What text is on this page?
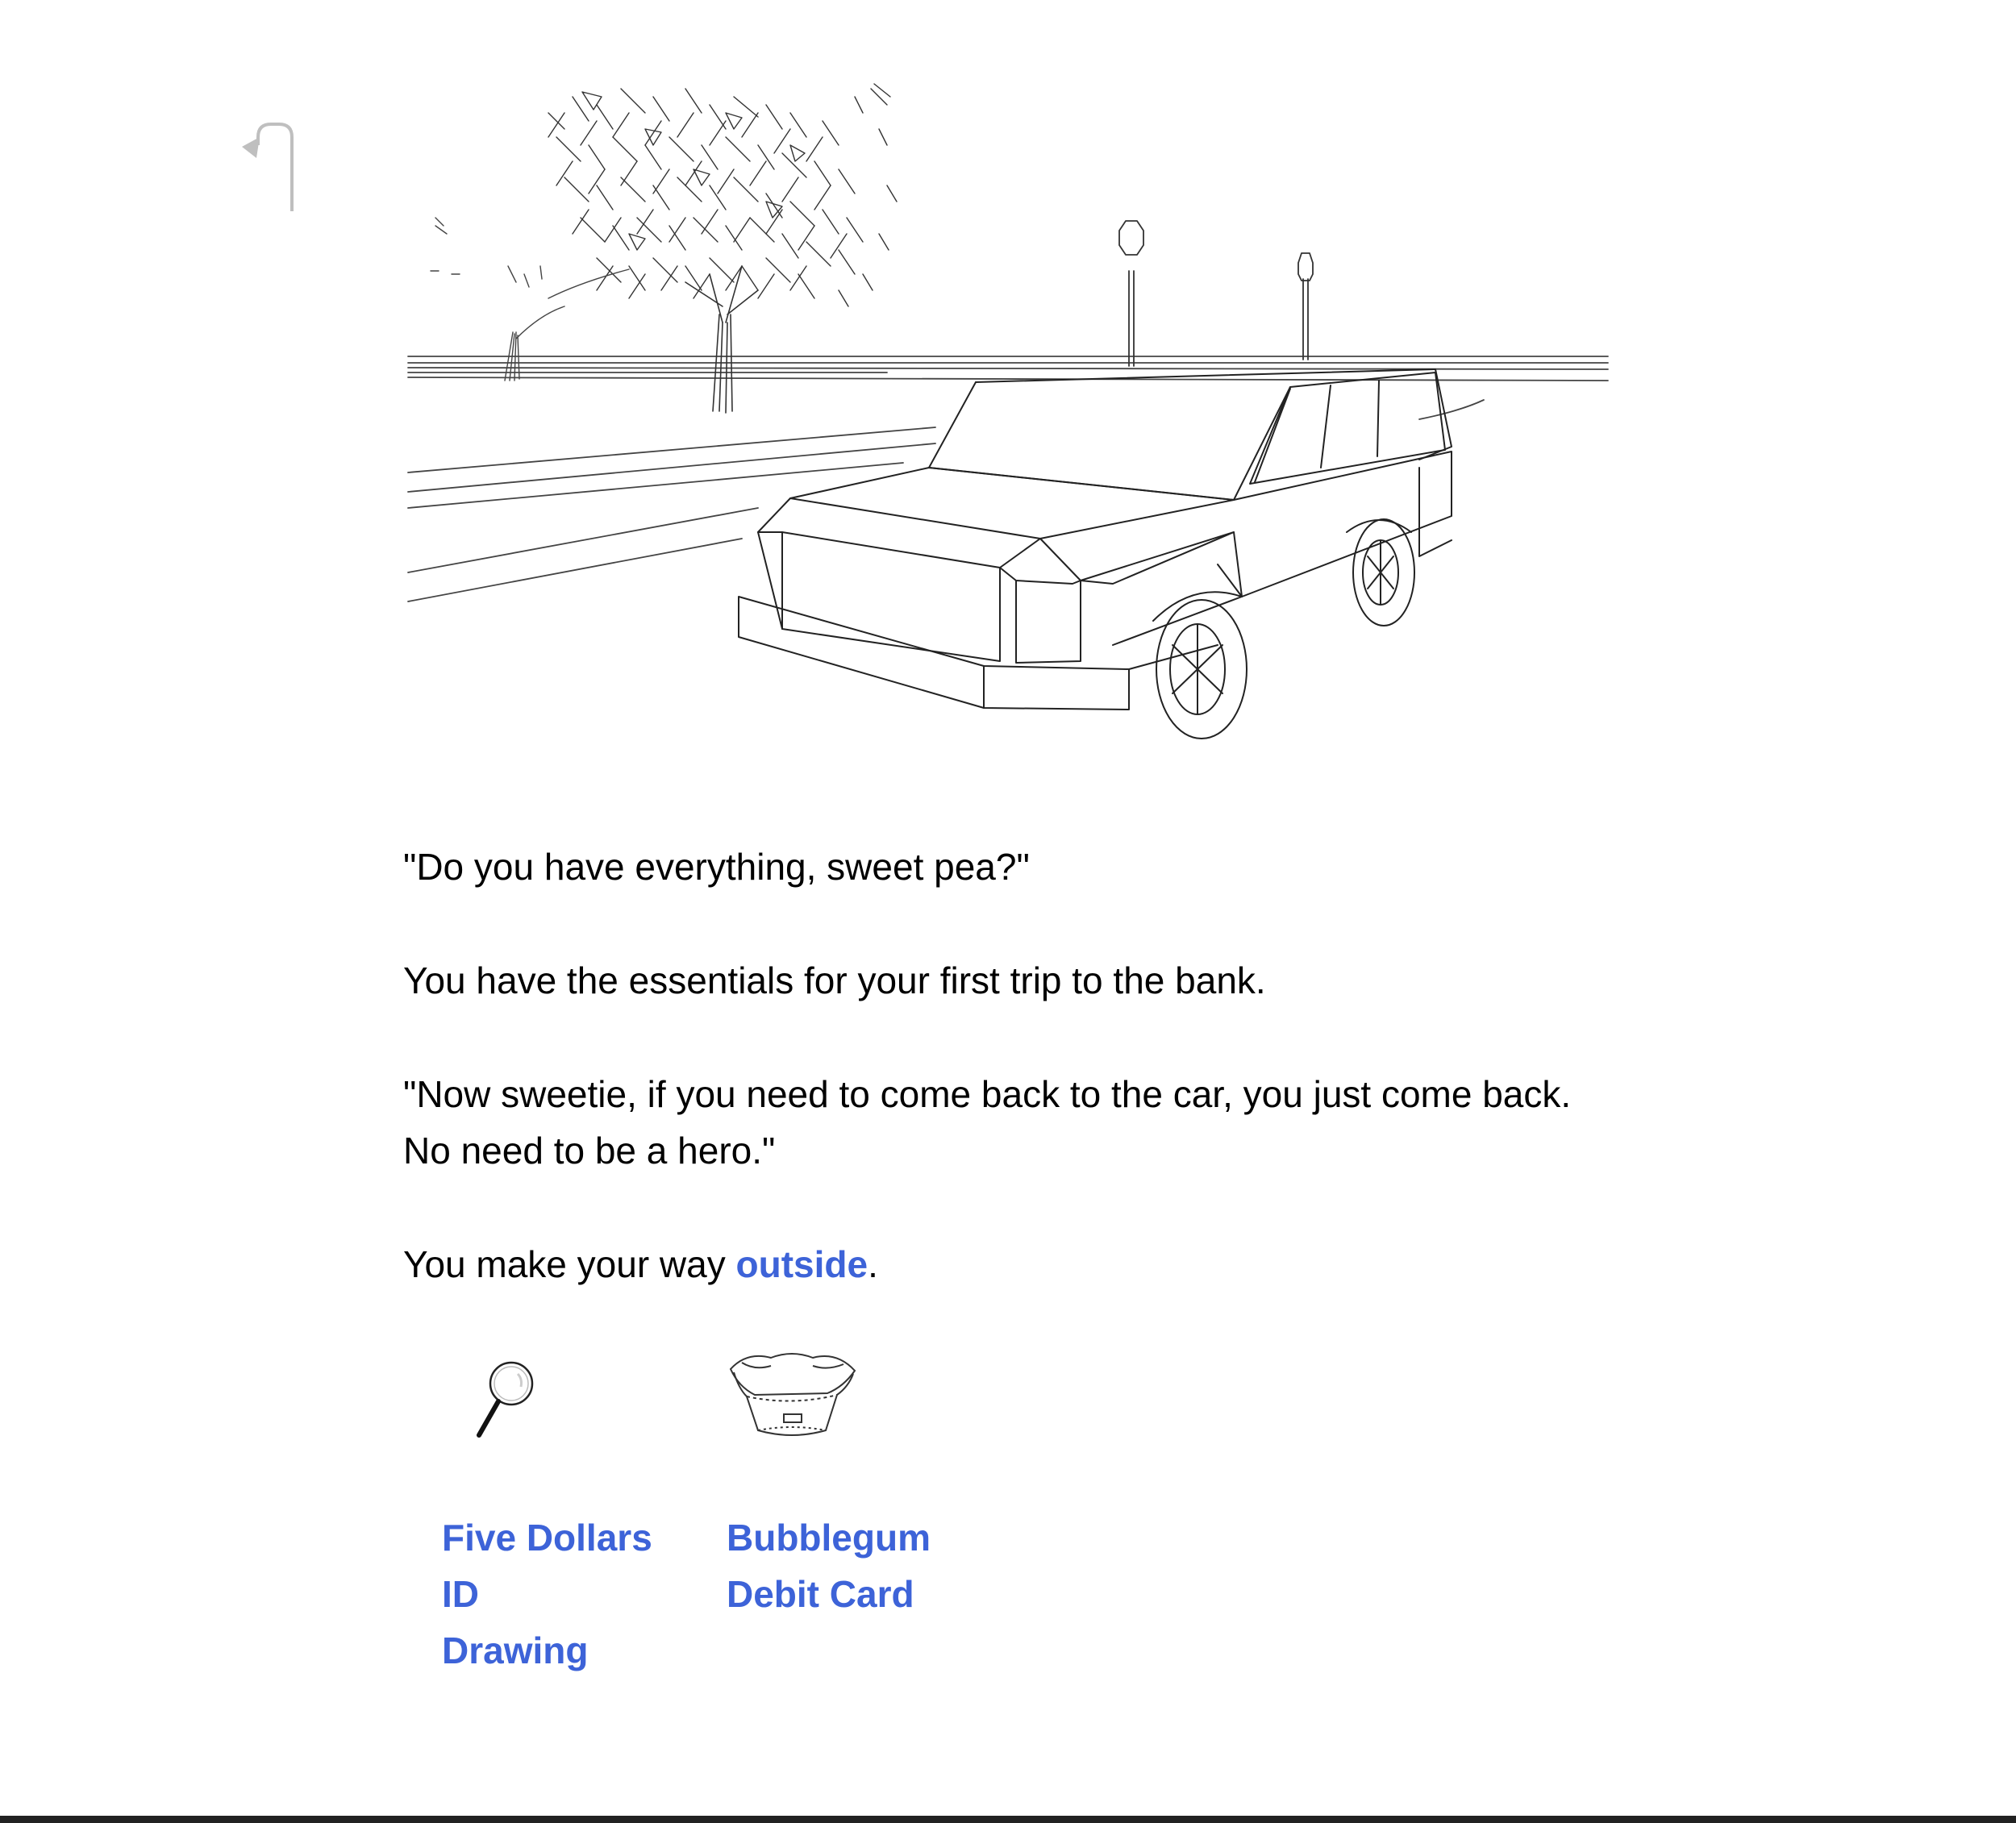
"Do you have everything, sweet pea?"

You have the essentials for your first trip to the bank.

"Now sweetie, if you need to come back to the car, you just come back. No need to be a hero."

You make your way outside.

Five Dollars
ID
Drawing
Bubblegum
Debit Card
